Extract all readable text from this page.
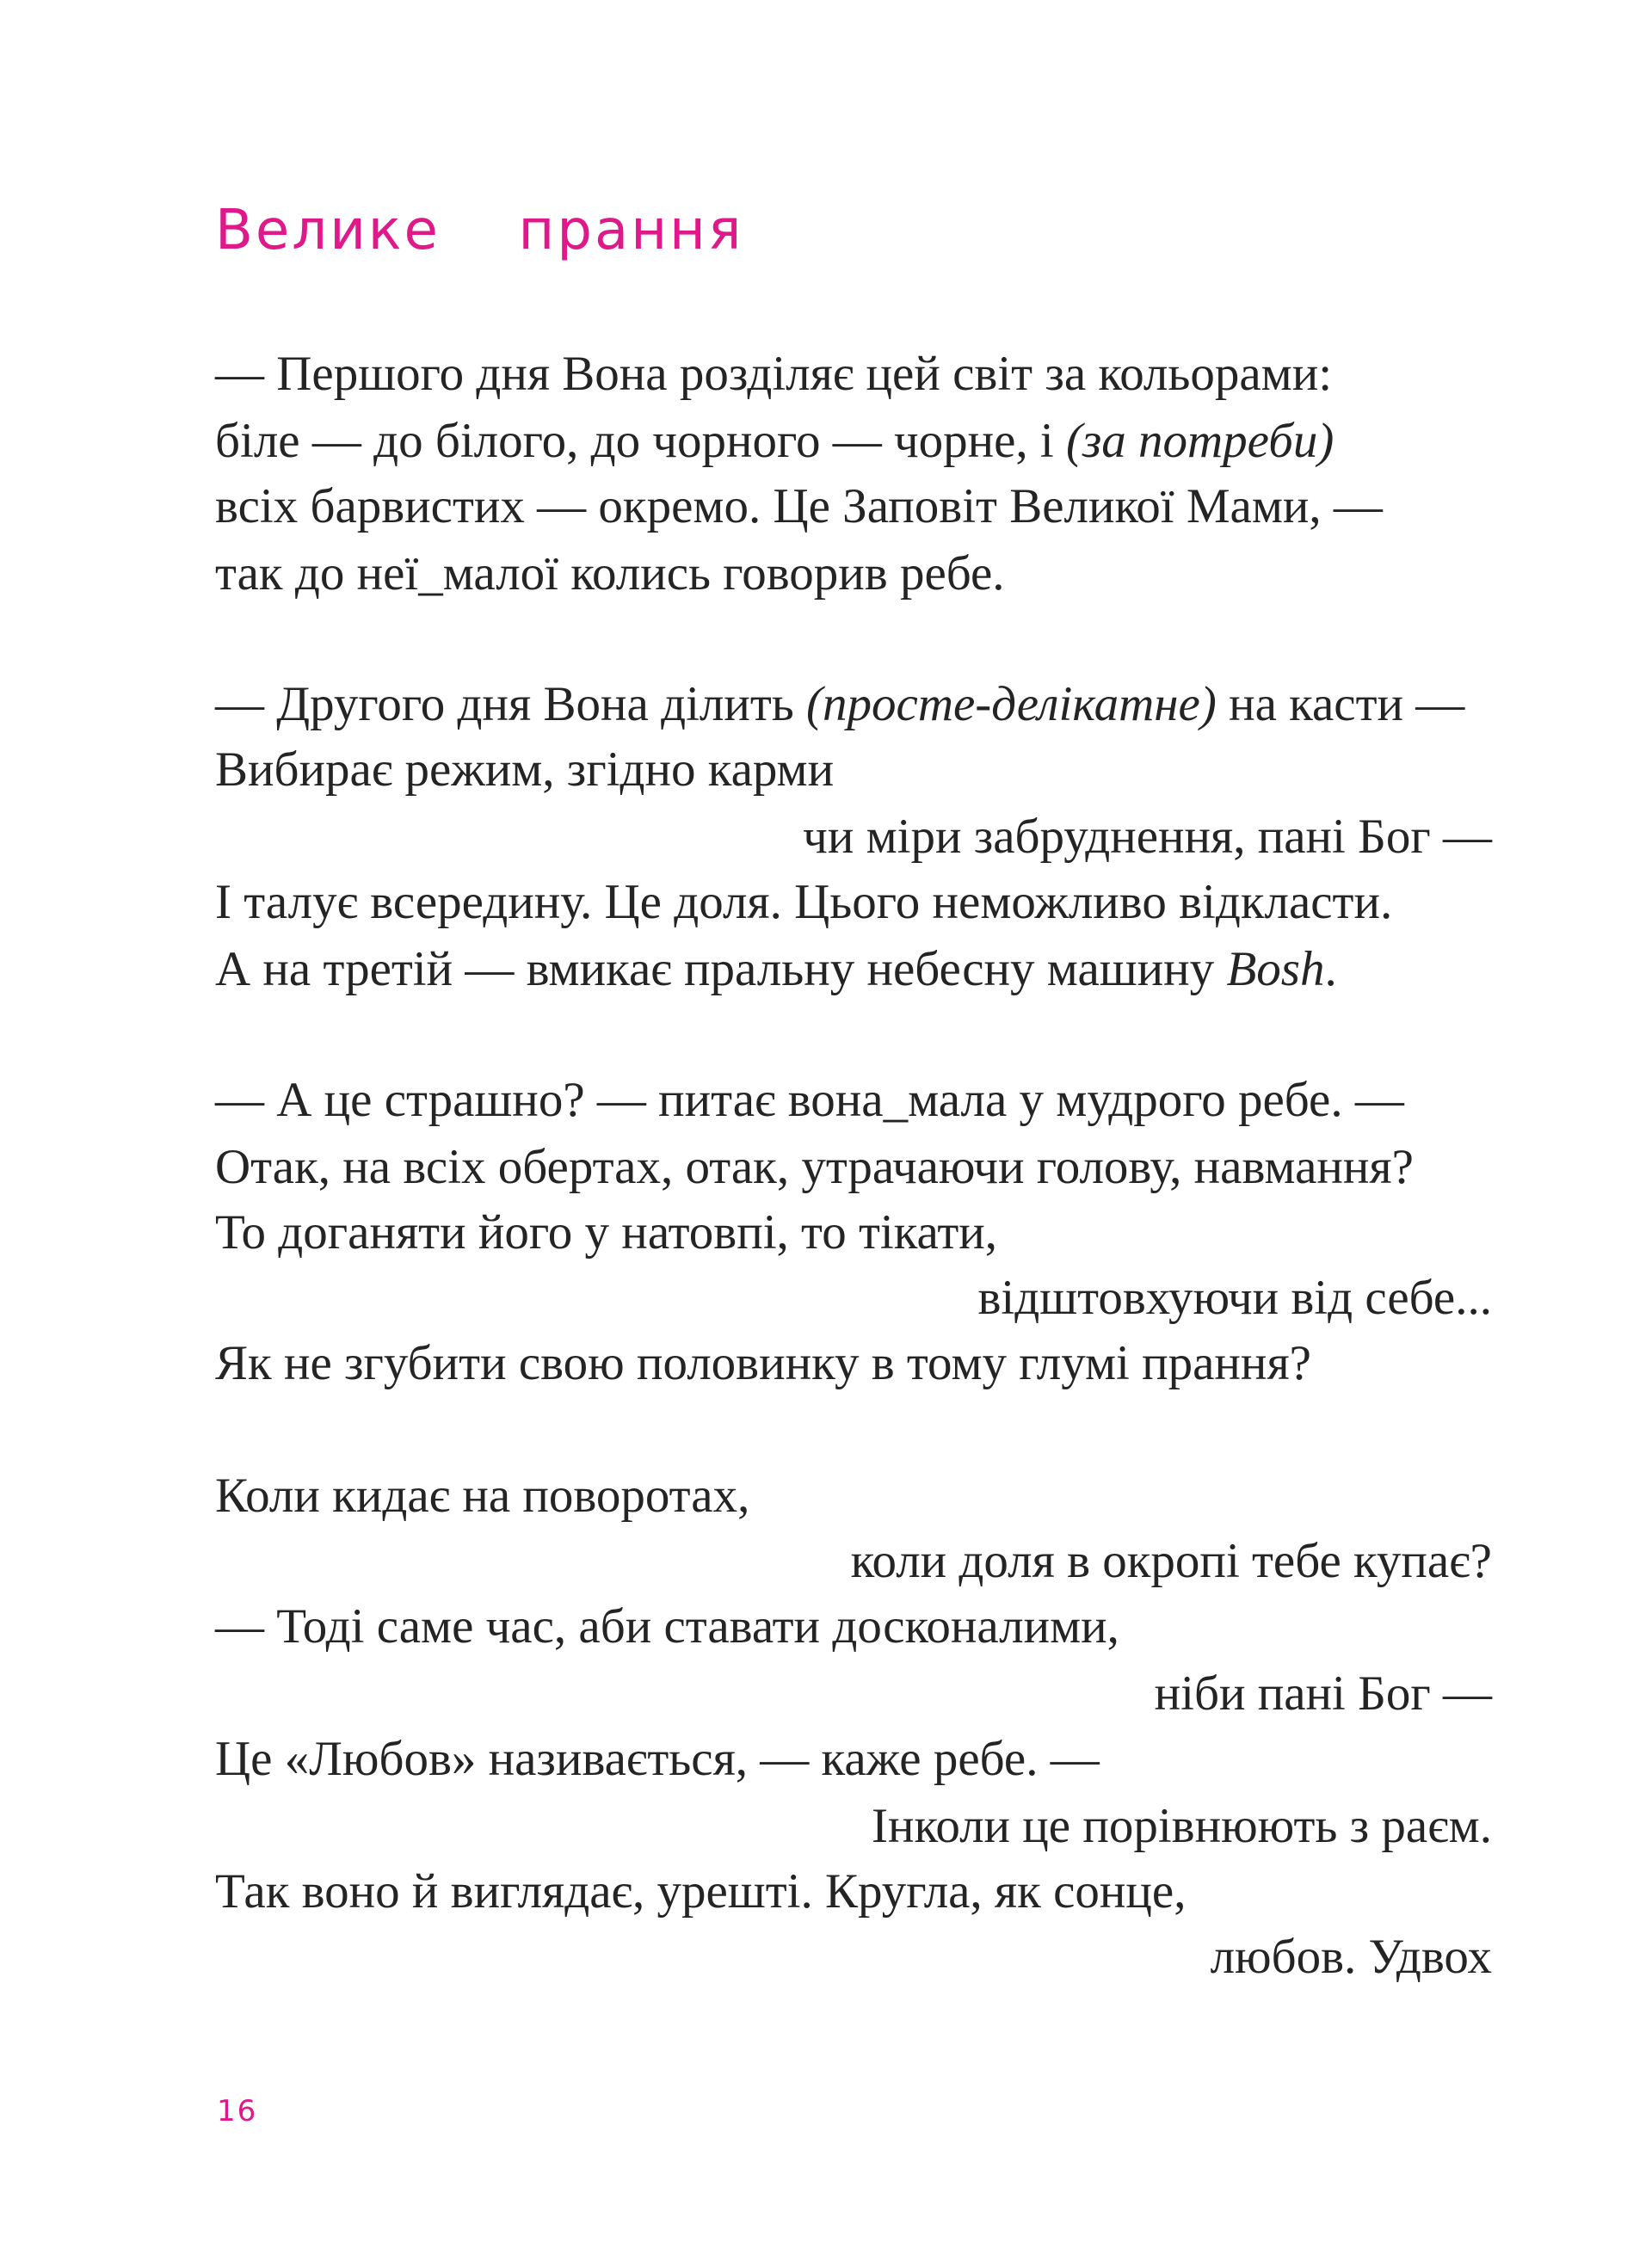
Велике  прання
— Першого дня Вона розділяє цей світ за кольорами:
біле — до білого, до чорного — чорне, і (за потреби)
всіх барвистих — окремо. Це Заповіт Великої Мами, —
так до неї_малої колись говорив ребе.
— Другого дня Вона ділить (просте-делікатне) на касти —
Вибирає режим, згідно карми
чи міри забруднення, пані Бог —
І талує всередину. Це доля. Цього неможливо відкласти.
А на третій — вмикає пральну небесну машину Bosh.
— А це страшно? — питає вона_мала у мудрого ребе. —
Отак, на всіх обертах, отак, утрачаючи голову, навмання?
То доганяти його у натовпі, то тікати,
відштовхуючи від себе...
Як не згубити свою половинку в тому глумі прання?
Коли кидає на поворотах,
коли доля в окропі тебе купає?
— Тоді саме час, аби ставати досконалими,
ніби пані Бог —
Це «Любов» називається, — каже ребе. —
Інколи це порівнюють з раєм.
Так воно й виглядає, урешті. Кругла, як сонце,
любов. Удвох
16
